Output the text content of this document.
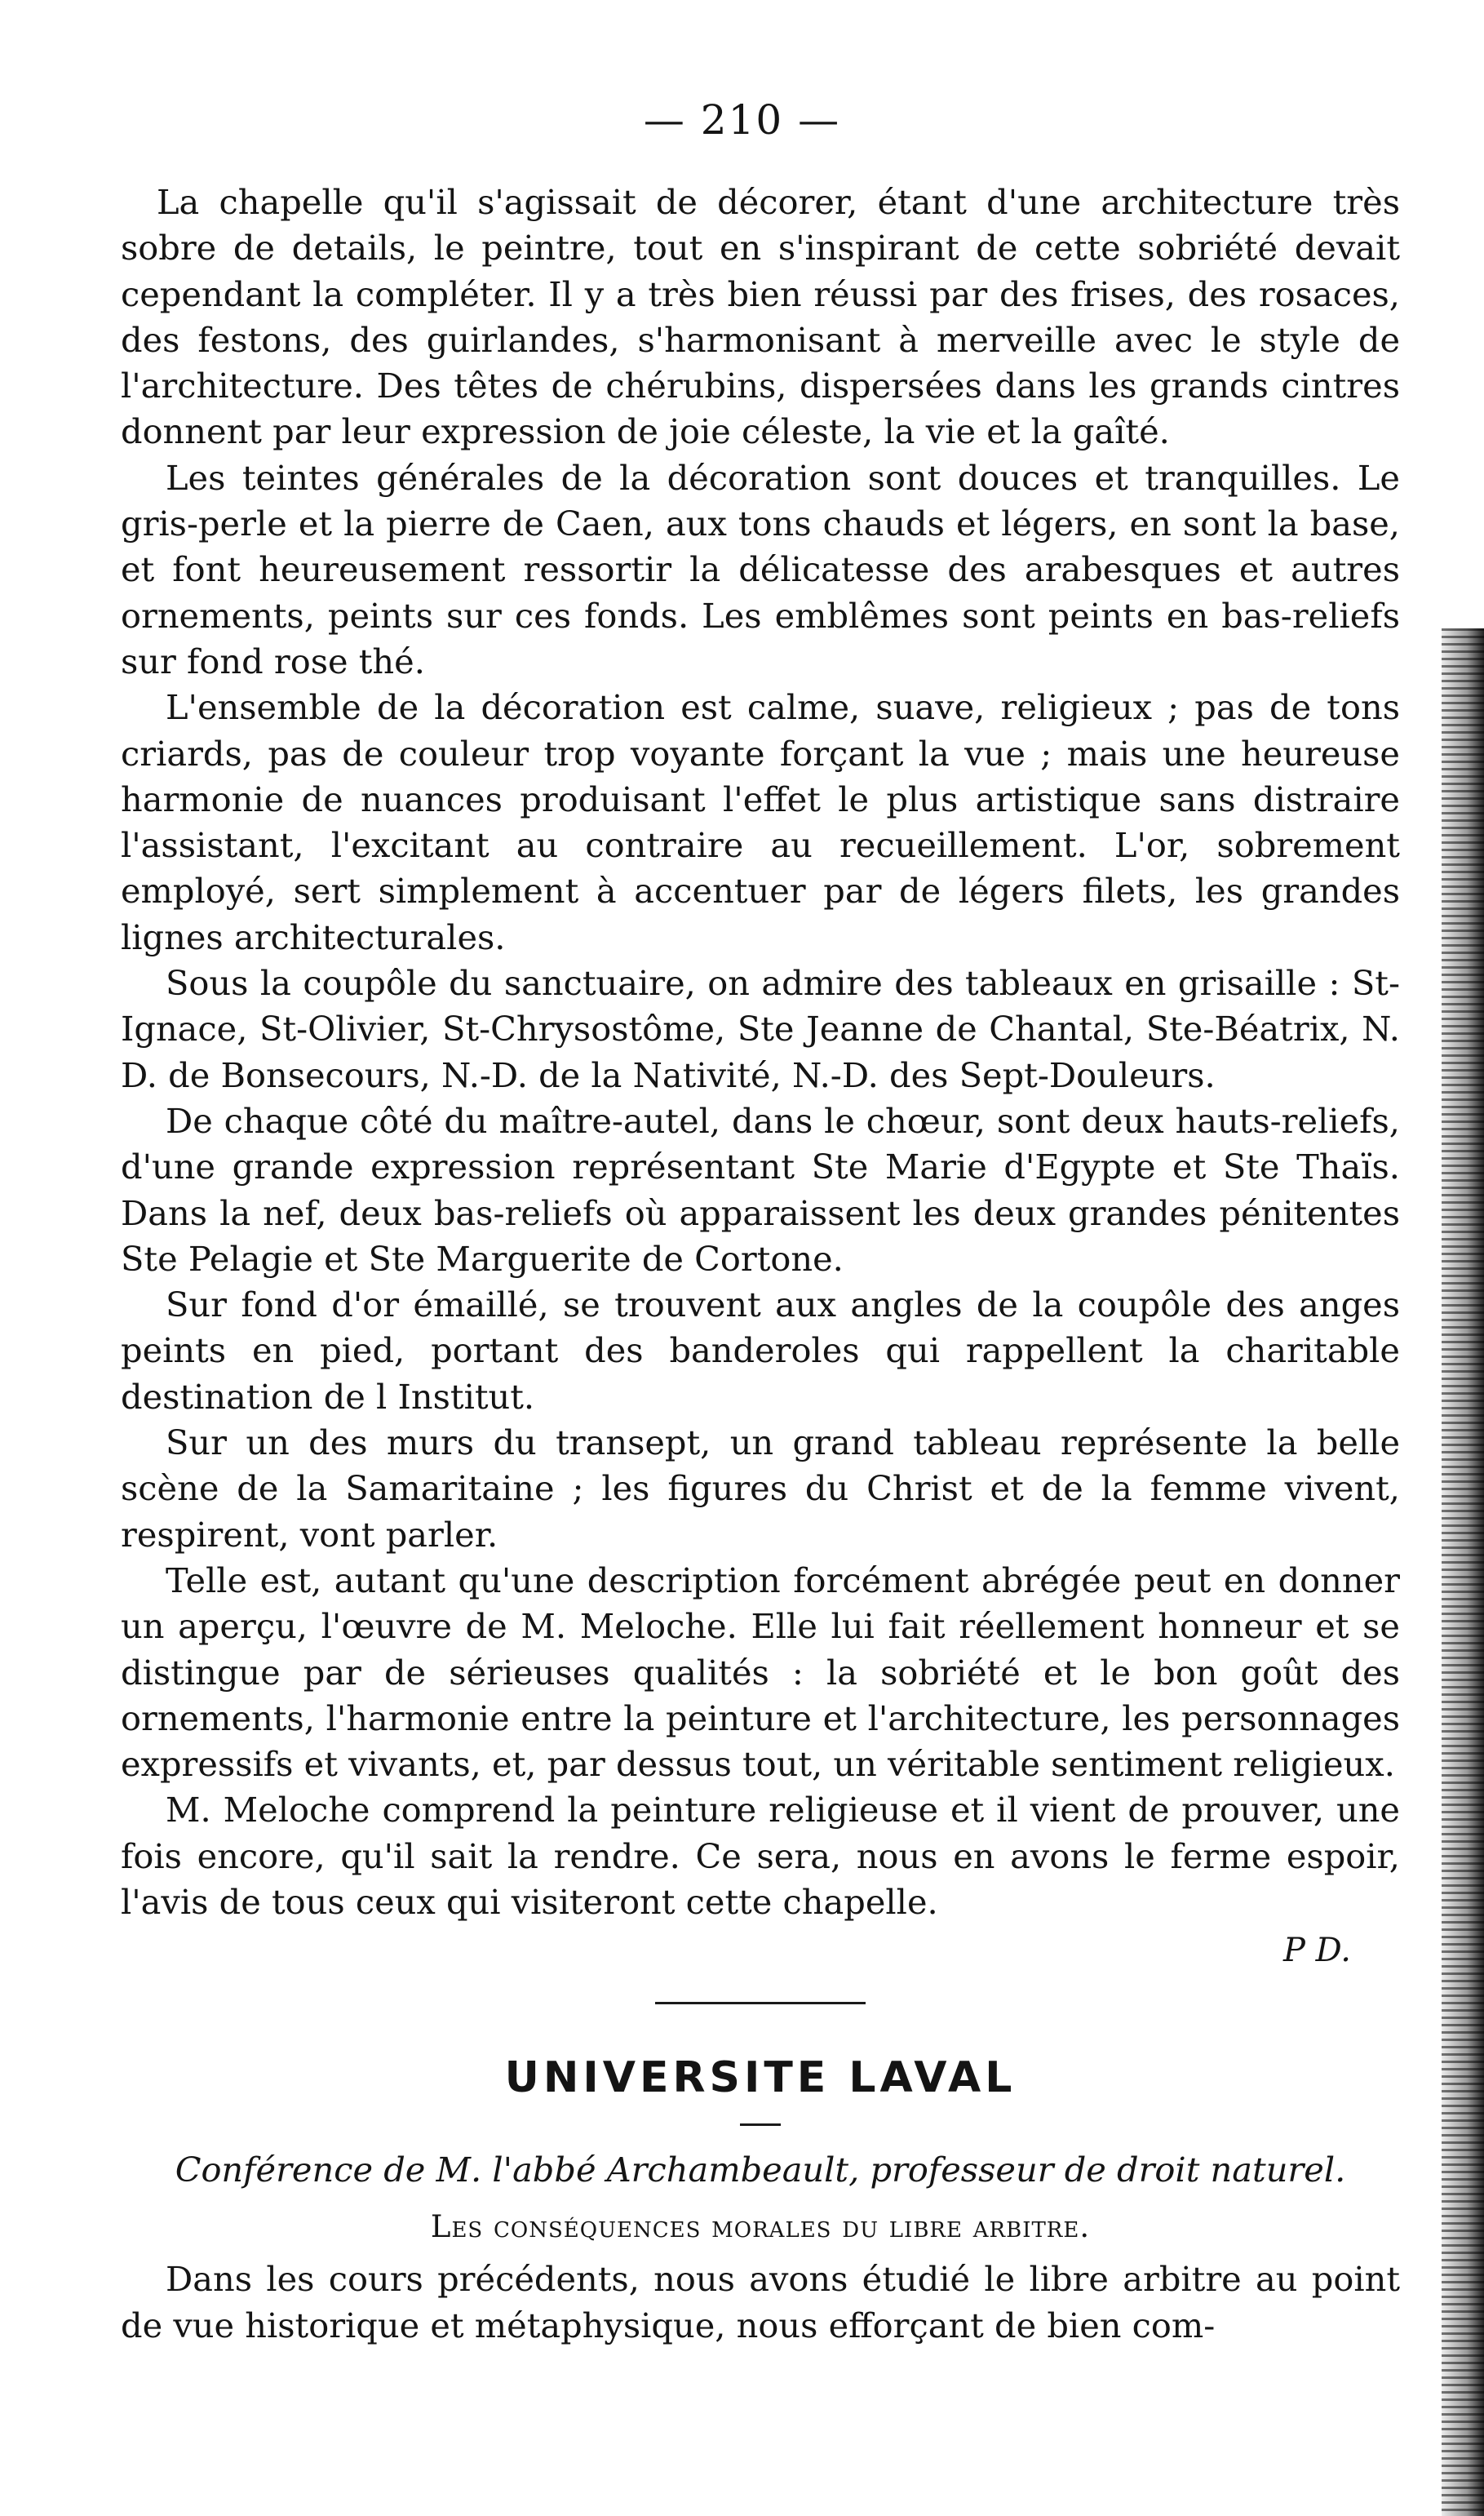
— 210 —

La chapelle qu'il s'agissait de décorer, étant d'une architecture très sobre de details, le peintre, tout en s'inspirant de cette sobriété devait cependant la compléter. Il y a très bien réussi par des frises, des rosaces, des festons, des guirlandes, s'harmonisant à merveille avec le style de l'architecture. Des têtes de chérubins, dispersées dans les grands cintres donnent par leur expression de joie céleste, la vie et la gaîté.

Les teintes générales de la décoration sont douces et tranquilles. Le gris-perle et la pierre de Caen, aux tons chauds et légers, en sont la base, et font heureusement ressortir la délicatesse des arabesques et autres ornements, peints sur ces fonds. Les emblêmes sont peints en bas-reliefs sur fond rose thé.

L'ensemble de la décoration est calme, suave, religieux ; pas de tons criards, pas de couleur trop voyante forçant la vue ; mais une heureuse harmonie de nuances produisant l'effet le plus artistique sans distraire l'assistant, l'excitant au contraire au recueillement. L'or, sobrement employé, sert simplement à accentuer par de légers filets, les grandes lignes architecturales.

Sous la coupôle du sanctuaire, on admire des tableaux en grisaille : St-Ignace, St-Olivier, St-Chrysostôme, Ste Jeanne de Chantal, Ste-Béatrix, N. D. de Bonsecours, N.-D. de la Nativité, N.-D. des Sept-Douleurs.

De chaque côté du maître-autel, dans le chœur, sont deux hauts-reliefs, d'une grande expression représentant Ste Marie d'Egypte et Ste Thaïs. Dans la nef, deux bas-reliefs où apparaissent les deux grandes pénitentes Ste Pelagie et Ste Marguerite de Cortone.

Sur fond d'or émaillé, se trouvent aux angles de la coupôle des anges peints en pied, portant des banderoles qui rappellent la charitable destination de l Institut.

Sur un des murs du transept, un grand tableau représente la belle scène de la Samaritaine ; les figures du Christ et de la femme vivent, respirent, vont parler.

Telle est, autant qu'une description forcément abrégée peut en donner un aperçu, l'œuvre de M. Meloche. Elle lui fait réellement honneur et se distingue par de sérieuses qualités : la sobriété et le bon goût des ornements, l'harmonie entre la peinture et l'architecture, les personnages expressifs et vivants, et, par dessus tout, un véritable sentiment religieux.

M. Meloche comprend la peinture religieuse et il vient de prouver, une fois encore, qu'il sait la rendre. Ce sera, nous en avons le ferme espoir, l'avis de tous ceux qui visiteront cette chapelle.

P D.
UNIVERSITE LAVAL
Conférence de M. l'abbé Archambeault, professeur de droit naturel.
Les conséquences morales du libre arbitre.

Dans les cours précédents, nous avons étudié le libre arbitre au point de vue historique et métaphysique, nous efforçant de bien com-
